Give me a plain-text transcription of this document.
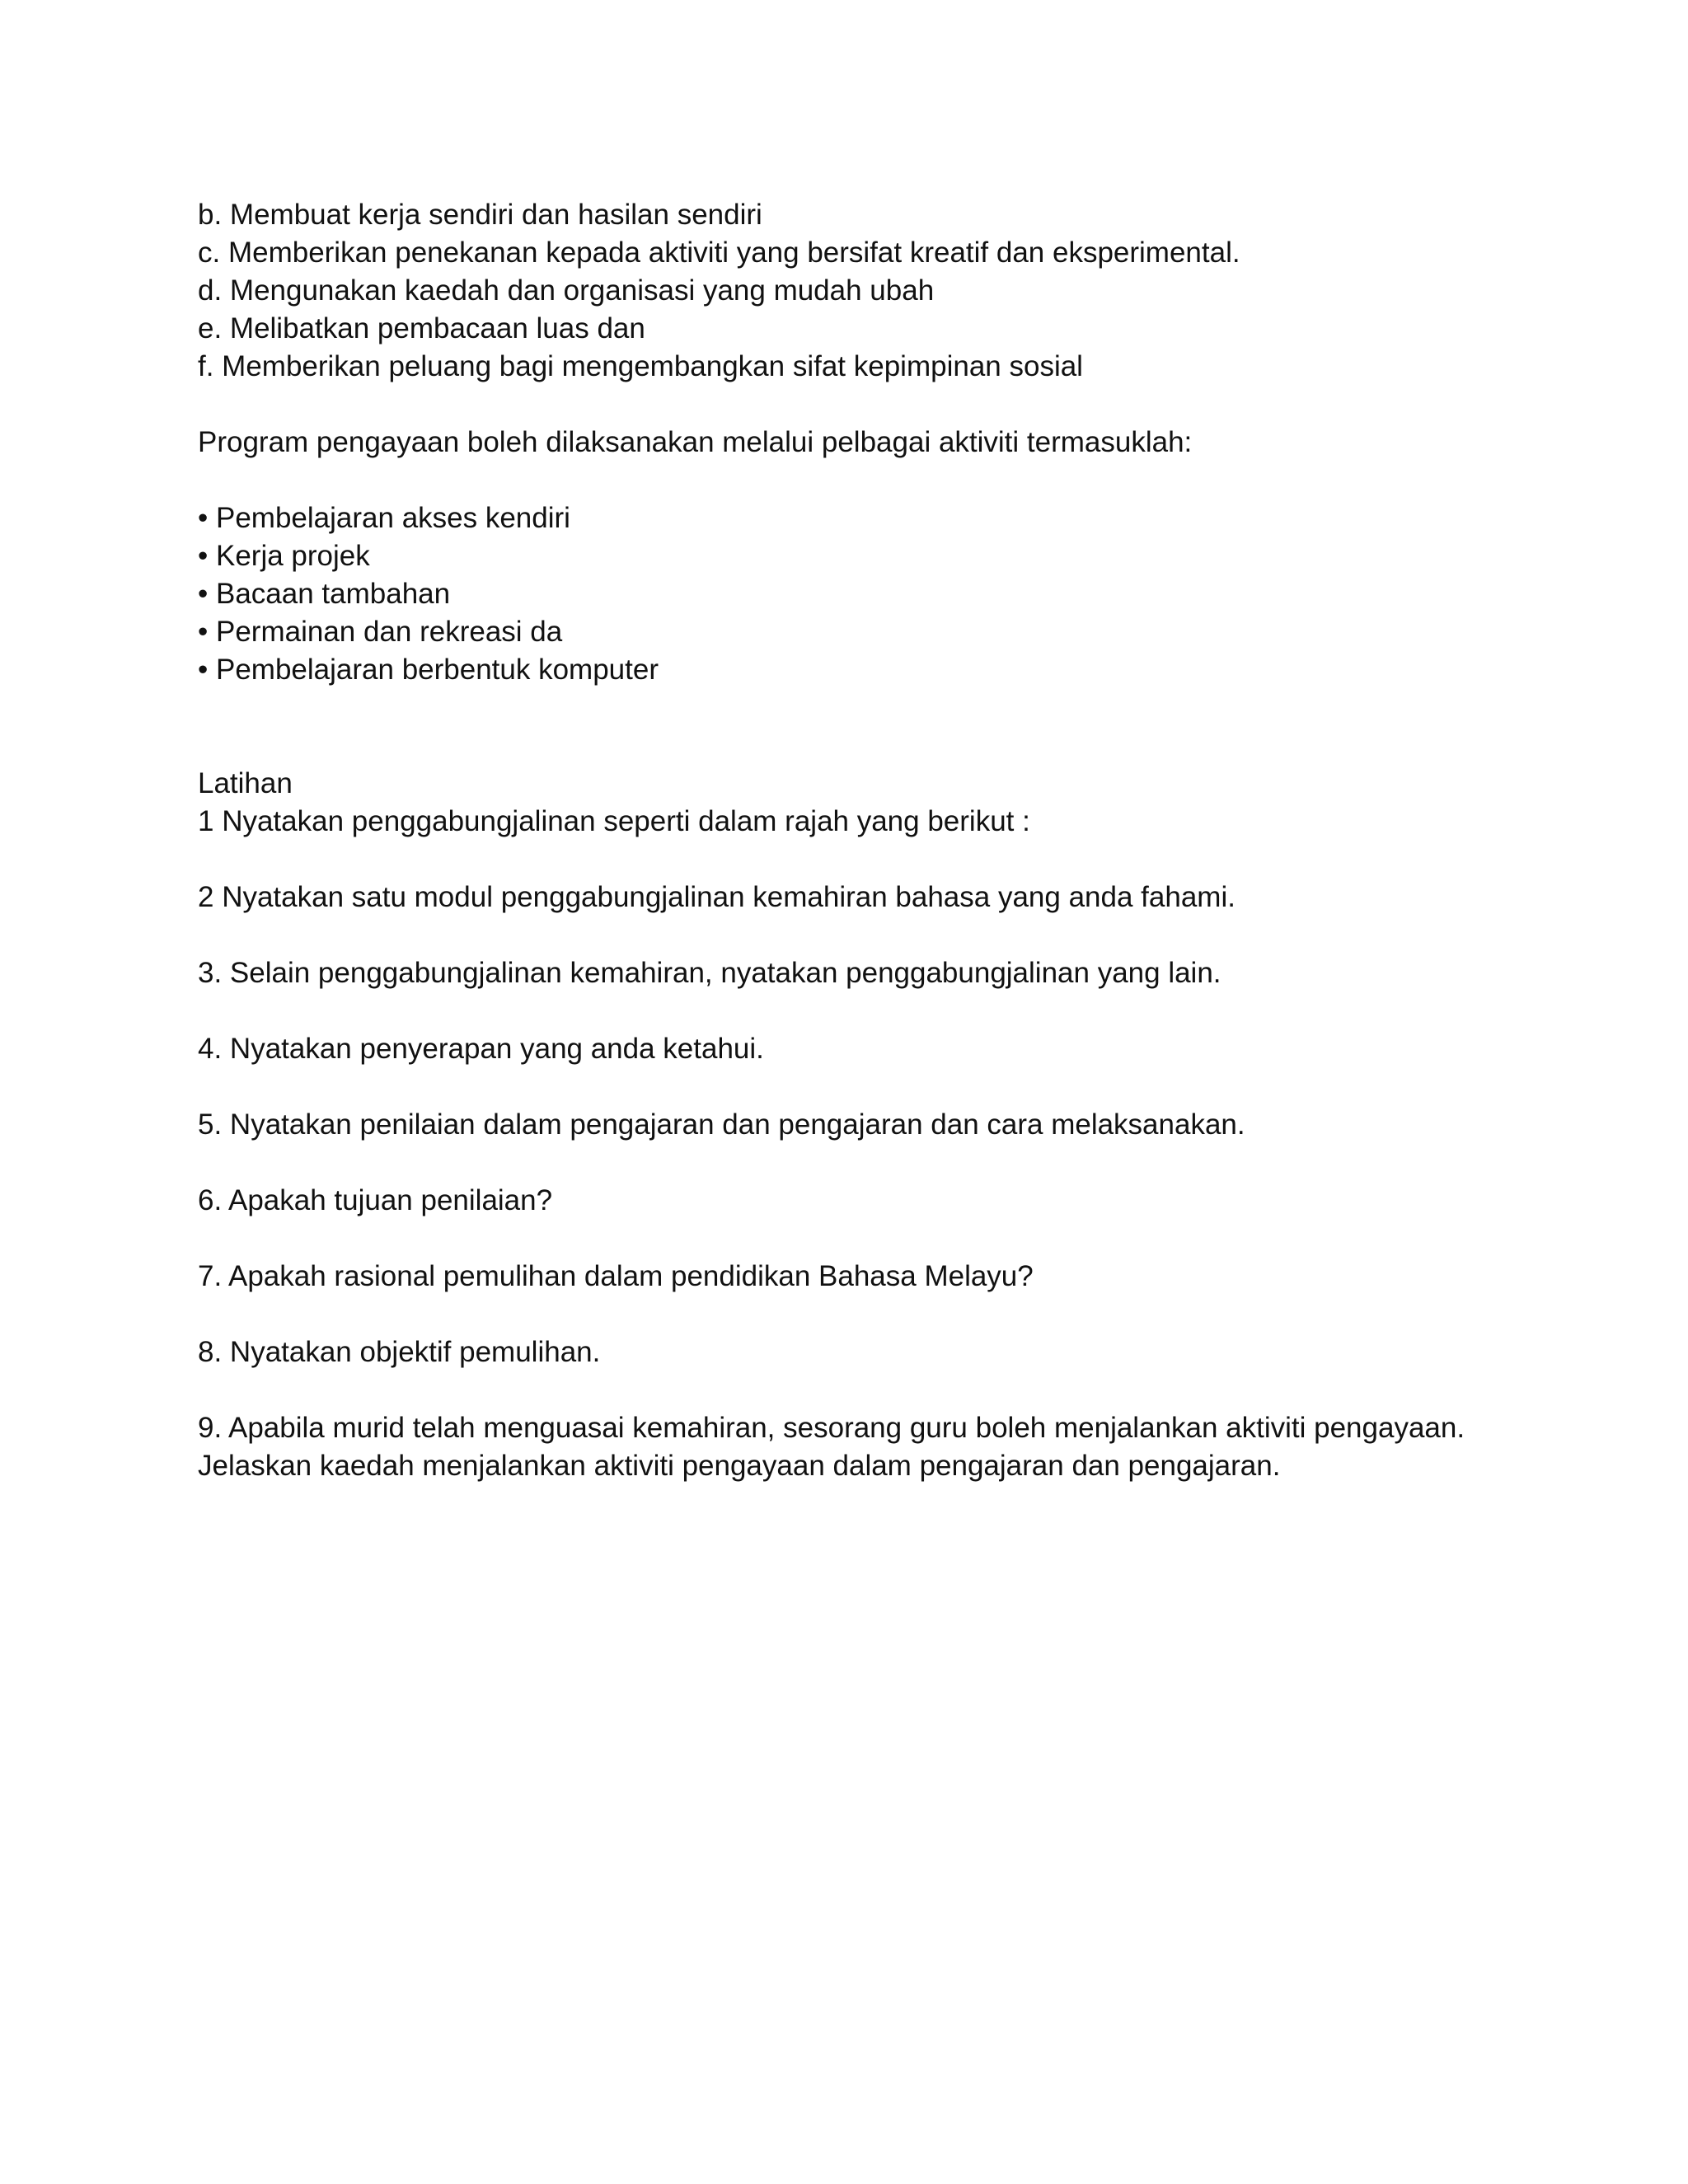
b. Membuat kerja sendiri dan hasilan sendiri
c. Memberikan penekanan kepada aktiviti yang bersifat kreatif dan eksperimental.
d. Mengunakan kaedah dan organisasi yang mudah ubah
e. Melibatkan pembacaan luas dan
f. Memberikan peluang bagi mengembangkan sifat kepimpinan sosial
Program pengayaan boleh dilaksanakan melalui pelbagai aktiviti termasuklah:
• Pembelajaran akses kendiri
• Kerja projek
• Bacaan tambahan
• Permainan dan rekreasi da
• Pembelajaran berbentuk komputer
Latihan
1 Nyatakan penggabungjalinan seperti dalam rajah yang berikut :
2 Nyatakan satu modul penggabungjalinan kemahiran bahasa yang anda fahami.
3. Selain penggabungjalinan kemahiran, nyatakan penggabungjalinan yang lain.
4. Nyatakan penyerapan yang anda ketahui.
5. Nyatakan penilaian dalam pengajaran dan pengajaran dan cara melaksanakan.
6. Apakah tujuan penilaian?
7. Apakah rasional pemulihan dalam pendidikan Bahasa Melayu?
8. Nyatakan objektif pemulihan.
9. Apabila murid telah menguasai kemahiran, sesorang guru boleh menjalankan aktiviti pengayaan.
Jelaskan kaedah menjalankan aktiviti pengayaan dalam pengajaran dan pengajaran.
